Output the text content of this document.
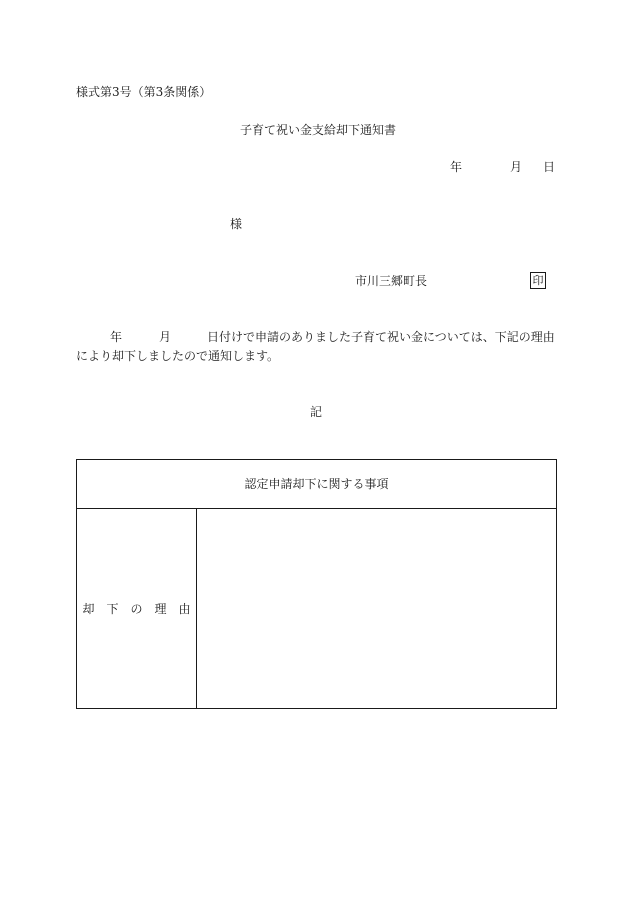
様式第3号（第3条関係）
子育て祝い金支給却下通知書
年	月 日
様
市川三郷町長	印
年	月	日付けで申請のありました子育て祝い金については、下記の理由
により却下しましたので通知します。
記
認定申請却下に関する事項
却下の理由
